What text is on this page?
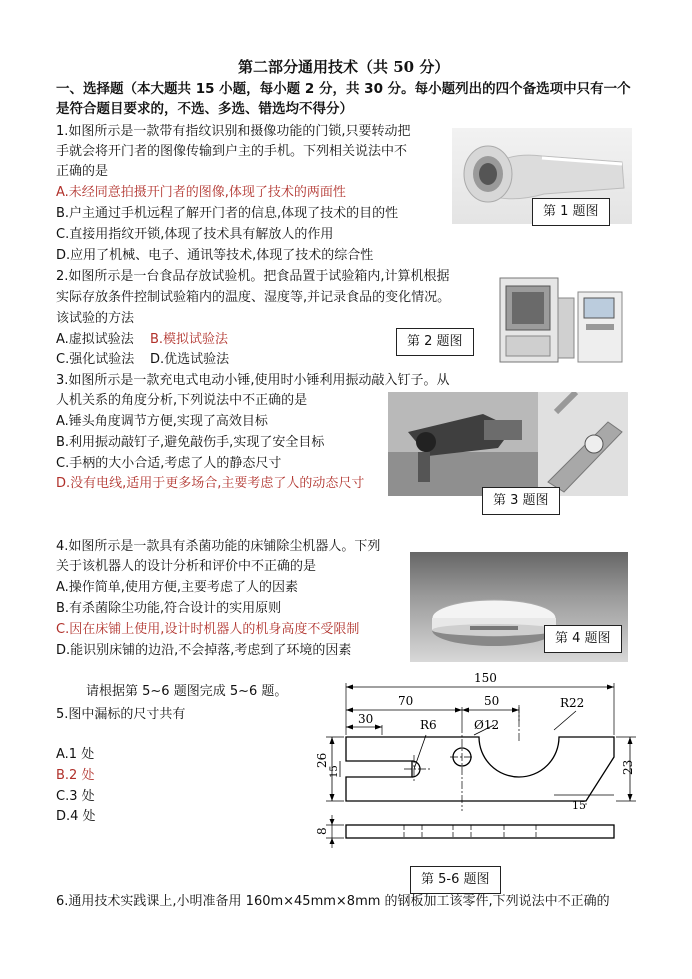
第二部分通用技术（共 50 分）
一、选择题（本大题共 15 小题，每小题 2 分，共 30 分。每小题列出的四个备选项中只有一个
是符合题目要求的，不选、多选、错选均不得分）
1.如图所示是一款带有指纹识别和摄像功能的门锁,只要转动把
手就会将开门者的图像传输到户主的手机。下列相关说法中不
正确的是
A.未经同意拍摄开门者的图像,体现了技术的两面性
B.户主通过手机远程了解开门者的信息,体现了技术的目的性
C.直接用指纹开锁,体现了技术具有解放人的作用
D.应用了机械、电子、通讯等技术,体现了技术的综合性
第 1 题图
2.如图所示是一台食品存放试验机。把食品置于试验箱内,计算机根据
实际存放条件控制试验箱内的温度、湿度等,并记录食品的变化情况。
该试验的方法
A.虚拟试验法 B.模拟试验法
C.强化试验法 D.优选试验法
第 2 题图
3.如图所示是一款充电式电动小锤,使用时小锤利用振动敲入钉子。从
人机关系的角度分析,下列说法中不正确的是
A.锤头角度调节方便,实现了高效目标
B.利用振动敲钉子,避免敲伤手,实现了安全目标
C.手柄的大小合适,考虑了人的静态尺寸
D.没有电线,适用于更多场合,主要考虑了人的动态尺寸
第 3 题图
4.如图所示是一款具有杀菌功能的床铺除尘机器人。下列
关于该机器人的设计分析和评价中不正确的是
A.操作简单,使用方便,主要考虑了人的因素
B.有杀菌除尘功能,符合设计的实用原则
C.因在床铺上使用,设计时机器人的机身高度不受限制
D.能识别床铺的边沿,不会掉落,考虑到了环境的因素
第 4 题图
请根据第 5~6 题图完成 5~6 题。
5.图中漏标的尺寸共有
A.1 处
B.2 处
C.3 处
D.4 处
150
70	50
30	R6	Ø12
R22
26
15	23
15
8
第 5-6 题图
6.通用技术实践课上,小明准备用 160m×45mm×8mm 的钢板加工该零件,下列说法中不正确的
